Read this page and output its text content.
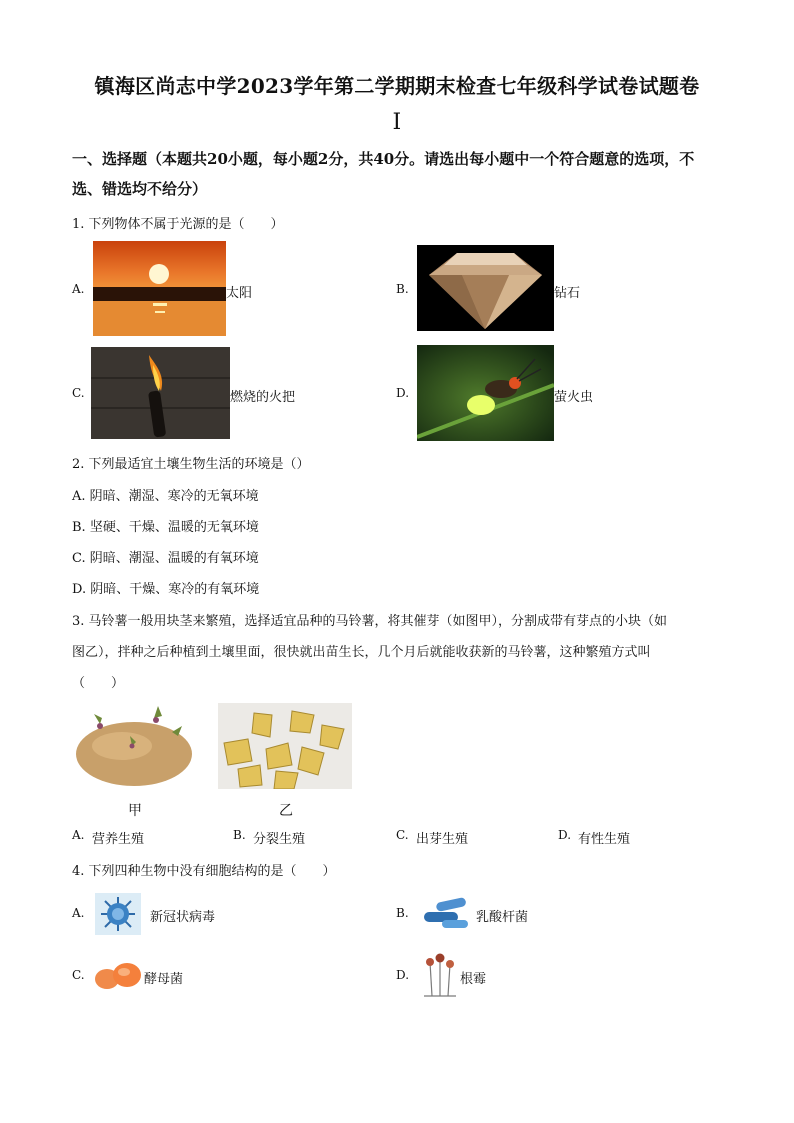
镇海区尚志中学2023学年第二学期期末检查七年级科学试卷试题卷
I
一、选择题（本题共20小题，每小题2分，共40分。请选出每小题中一个符合题意的选项，不选、错选均不给分）
1. 下列物体不属于光源的是（　　）
A.	太阳	B.	钻石
C.	燃烧的火把	D.	萤火虫
2. 下列最适宜土壤生物生活的环境是（）
A. 阴暗、潮湿、寒冷的无氧环境
B. 坚硬、干燥、温暖的无氧环境
C. 阴暗、潮湿、温暖的有氧环境
D. 阴暗、干燥、寒冷的有氧环境
3. 马铃薯一般用块茎来繁殖，选择适宜品种的马铃薯，将其催芽（如图甲），分割成带有芽点的小块（如
图乙），拌种之后种植到土壤里面，很快就出苗生长，几个月后就能收获新的马铃薯，这种繁殖方式叫
（　　）
甲	乙
A. 营养生殖	B. 分裂生殖	C. 出芽生殖	D. 有性生殖
4. 下列四种生物中没有细胞结构的是（　　）
A.	新冠状病毒	B.	乳酸杆菌
C.	酵母菌	D.	根霉
